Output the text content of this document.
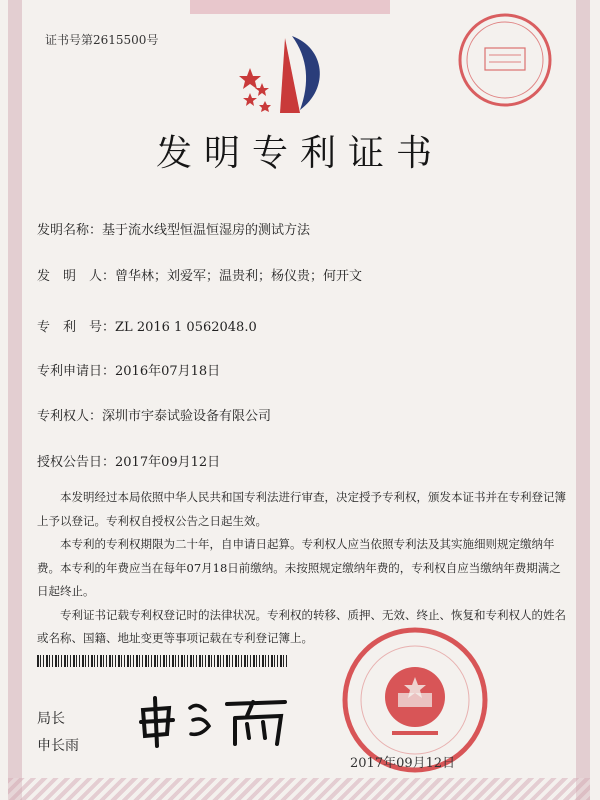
证书号第2615500号
发明专利证书
发明名称：基于流水线型恒温恒湿房的测试方法
发　明　人：曾华林；刘爱军；温贵利；杨仪贵；何开文
专　利　号：ZL 2016 1 0562048.0
专利申请日：2016年07月18日
专利权人：深圳市宇泰试验设备有限公司
授权公告日：2017年09月12日

本发明经过本局依照中华人民共和国专利法进行审查，决定授予专利权，颁发本证书并在专利登记簿上予以登记。专利权自授权公告之日起生效。

本专利的专利权期限为二十年，自申请日起算。专利权人应当依照专利法及其实施细则规定缴纳年费。本专利的年费应当在每年07月18日前缴纳。未按照规定缴纳年费的，专利权自应当缴纳年费期满之日起终止。

专利证书记载专利权登记时的法律状况。专利权的转移、质押、无效、终止、恢复和专利权人的姓名或名称、国籍、地址变更等事项记载在专利登记簿上。

局长
申长雨
2017年09月12日
